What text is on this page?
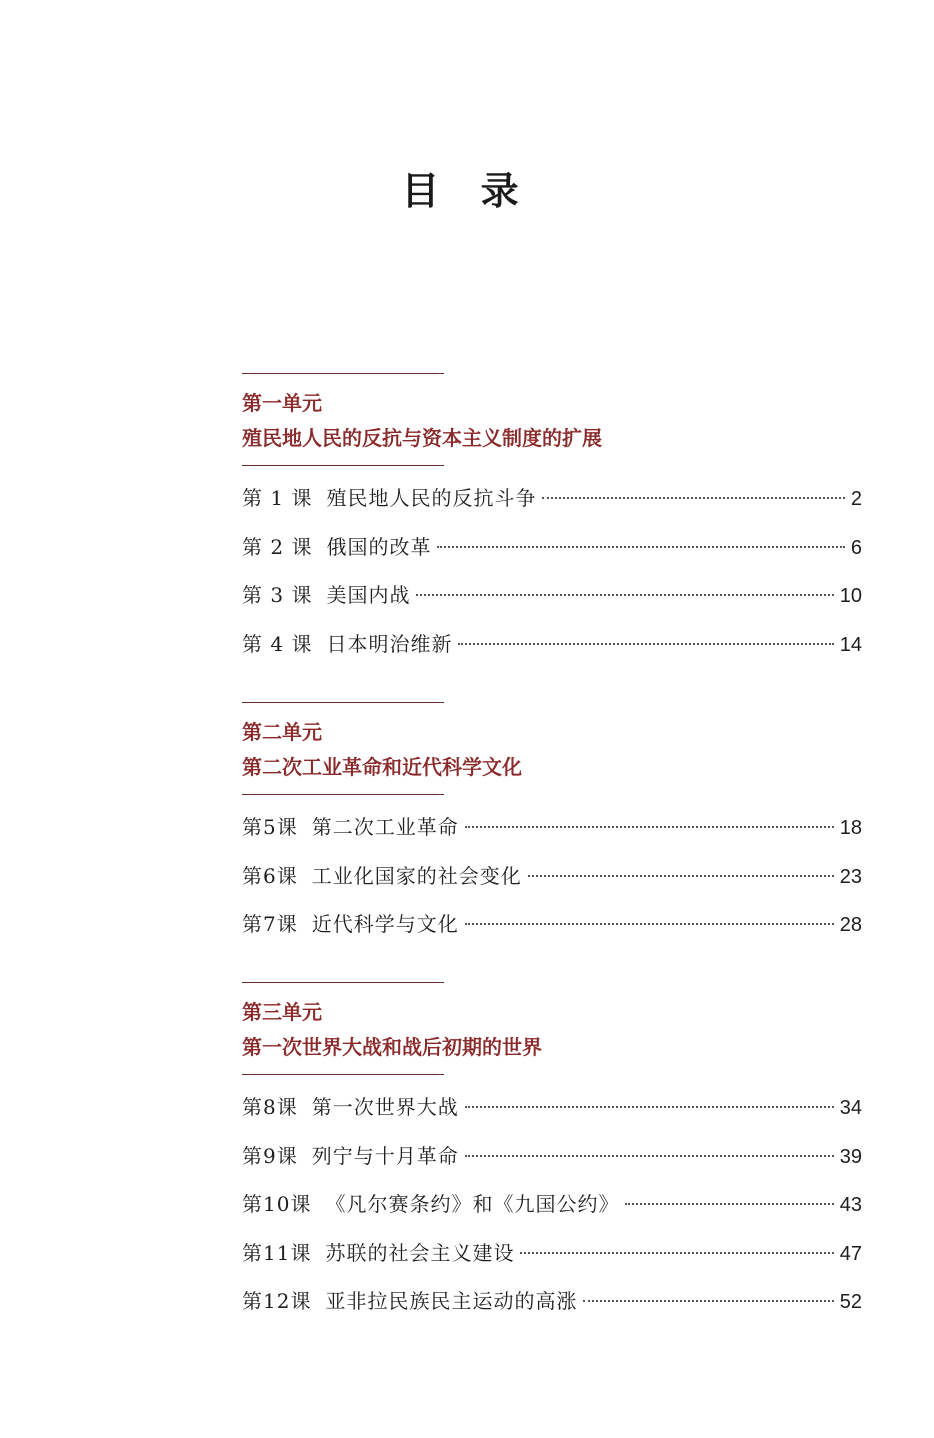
目 录
第一单元
殖民地人民的反抗与资本主义制度的扩展
第 1 课 殖民地人民的反抗斗争	2
第 2 课 俄国的改革	6
第 3 课 美国内战	10
第 4 课 日本明治维新	14
第二单元
第二次工业革命和近代科学文化
第5课 第二次工业革命	18
第6课 工业化国家的社会变化	23
第7课 近代科学与文化	28
第三单元
第一次世界大战和战后初期的世界
第8课 第一次世界大战	34
第9课 列宁与十月革命	39
第10课 《凡尔赛条约》和《九国公约》	43
第11课 苏联的社会主义建设	47
第12课 亚非拉民族民主运动的高涨	52
